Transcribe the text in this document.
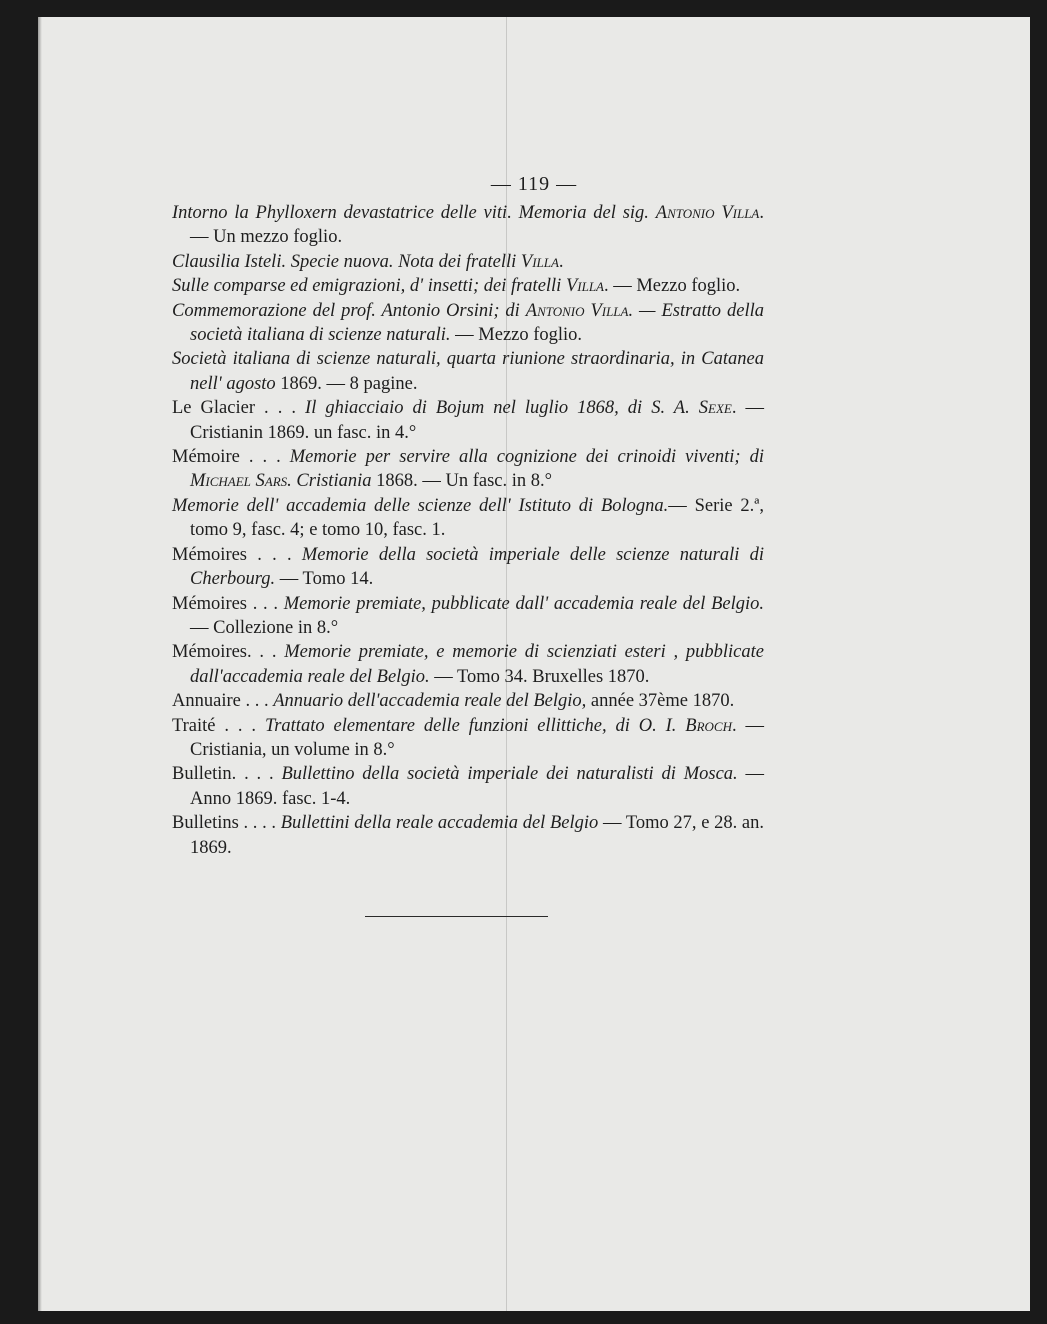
— 119 —

Intorno la Phylloxern devastatrice delle viti. Memoria del sig. Antonio Villa. — Un mezzo foglio.

Clausilia Isteli. Specie nuova. Nota dei fratelli Villa.

Sulle comparse ed emigrazioni, d' insetti; dei fratelli Villa. — Mezzo foglio.

Commemorazione del prof. Antonio Orsini; di Antonio Villa. — Estratto della società italiana di scienze naturali. — Mezzo foglio.

Società italiana di scienze naturali, quarta riunione straordinaria, in Catanea nell' agosto 1869. — 8 pagine.

Le Glacier . . . Il ghiacciaio di Bojum nel luglio 1868, di S. A. Sexe. — Cristianin 1869. un fasc. in 4.°

Mémoire . . . Memorie per servire alla cognizione dei crinoidi viventi; di Michael Sars. Cristiania 1868. — Un fasc. in 8.°

Memorie dell' accademia delle scienze dell' Istituto di Bologna.— Serie 2.ª, tomo 9, fasc. 4; e tomo 10, fasc. 1.

Mémoires . . . Memorie della società imperiale delle scienze naturali di Cherbourg. — Tomo 14.

Mémoires . . . Memorie premiate, pubblicate dall' accademia reale del Belgio. — Collezione in 8.°

Mémoires. . . Memorie premiate, e memorie di scienziati esteri , pubblicate dall'accademia reale del Belgio. — Tomo 34. Bruxelles 1870.

Annuaire . . . Annuario dell'accademia reale del Belgio, année 37ème 1870.

Traité . . . Trattato elementare delle funzioni ellittiche, di O. I. Broch. — Cristiania, un volume in 8.°

Bulletin. . . . Bullettino della società imperiale dei naturalisti di Mosca. — Anno 1869. fasc. 1-4.

Bulletins . . . . Bullettini della reale accademia del Belgio — Tomo 27, e 28. an. 1869.
